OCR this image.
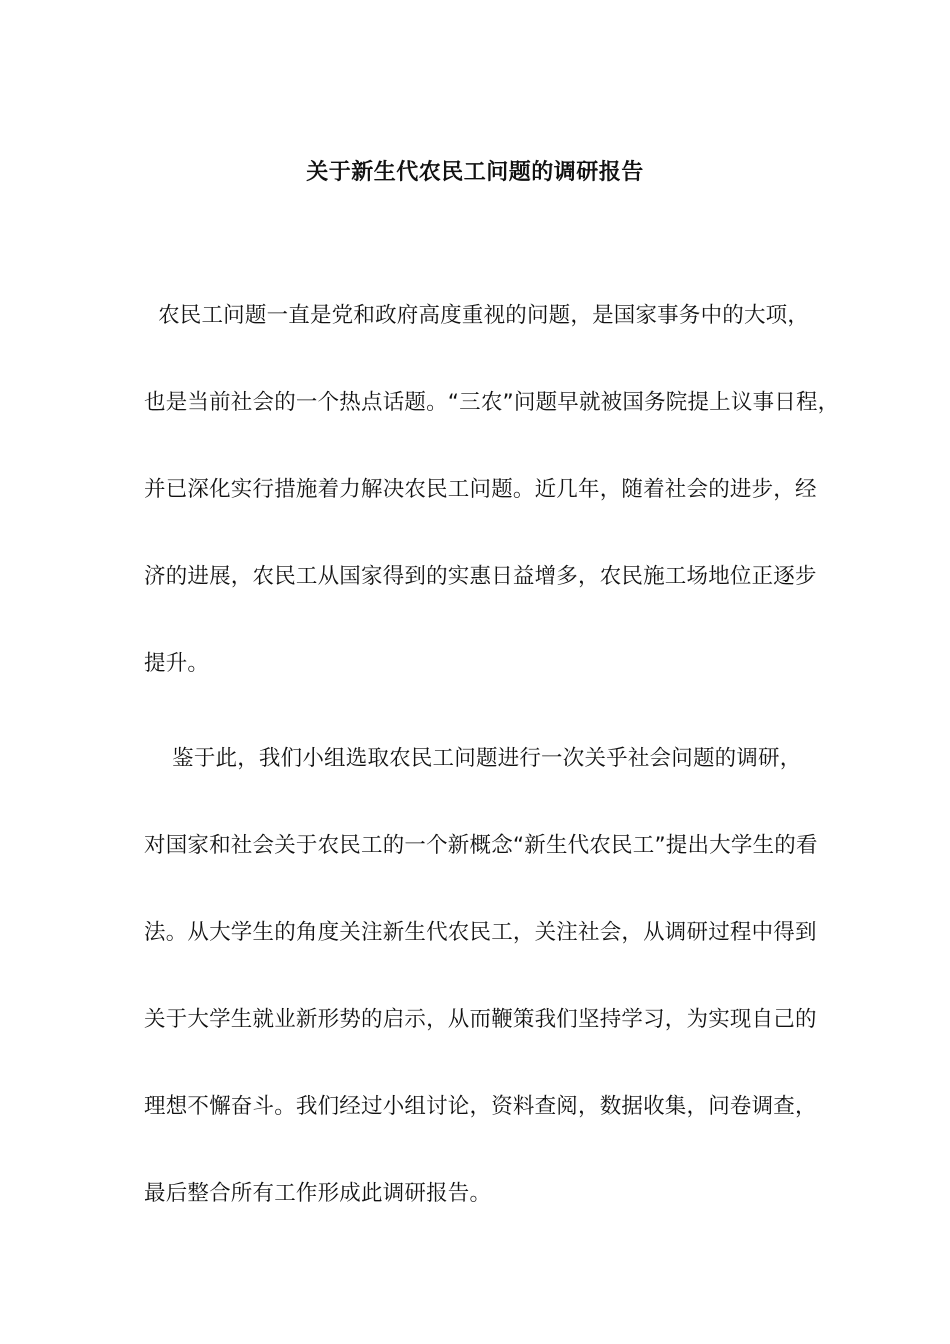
关于新生代农民工问题的调研报告
农民工问题一直是党和政府高度重视的问题，是国家事务中的大项，
也是当前社会的一个热点话题。“三农”问题早就被国务院提上议事日程，
并已深化实行措施着力解决农民工问题。近几年，随着社会的进步，经
济的进展，农民工从国家得到的实惠日益增多，农民施工场地位正逐步
提升。
鉴于此，我们小组选取农民工问题进行一次关乎社会问题的调研，
对国家和社会关于农民工的一个新概念“新生代农民工”提出大学生的看
法。从大学生的角度关注新生代农民工，关注社会，从调研过程中得到
关于大学生就业新形势的启示，从而鞭策我们坚持学习，为实现自己的
理想不懈奋斗。我们经过小组讨论，资料查阅，数据收集，问卷调查，
最后整合所有工作形成此调研报告。
